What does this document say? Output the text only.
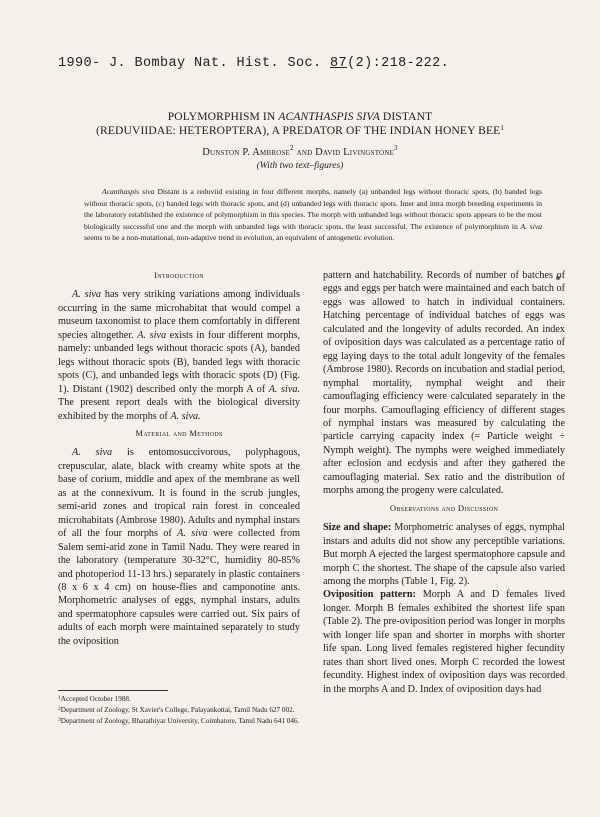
1990- J. Bombay Nat. Hist. Soc. 87(2):218-222.
POLYMORPHISM IN ACANTHASPIS SIVA DISTANT
(REDUVIIDAE: HETEROPTERA), A PREDATOR OF THE INDIAN HONEY BEE$^1$
Dunston P. Ambrose$^2$ and David Livingstone$^3$
(With two text–figures)

Acanthaspis siva Distant is a reduviid existing in four different morphs, namely (a) unbanded legs without thoracic spots, (b) banded legs without thoracic spots, (c) banded legs with thoracic spots, and (d) unbanded legs with thoracic spots. Inter and intra morph breeding experiments in the laboratory established the existence of polymorphism in this species. The morph with unbanded legs without thoracic spots appears to be the most biologically successful one and the morph with unbanded legs with thoracic spots, the least successful. The existence of polymorphism in A. siva seems to be a non-mutational, non-adaptive trend in evolution, an equivalent of antogenetic evolution.

Introduction

A. siva has very striking variations among individuals occurring in the same microhabitat that would compel a museum taxonomist to place them comfortably in different species altogether. A. siva exists in four different morphs, namely: unbanded legs without thoracic spots (A), banded legs without thoracic spots (B), banded legs with thoracic spots (C), and unbanded legs with thoracic spots (D) (Fig. 1). Distant (1902) described only the morph A of A. siva. The present report deals with the biological diversity exhibited by the morphs of A. siva.

Material and Methods

A. siva is entomosuccivorous, polyphagous, crepuscular, alate, black with creamy white spots at the base of corium, middle and apex of the membrane as well as at the connexivum. It is found in the scrub jungles, semi-arid zones and tropical rain forest in concealed microhabitats (Ambrose 1980). Adults and nymphal instars of all the four morphs of A. siva were collected from Salem semi-arid zone in Tamil Nadu. They were reared in the laboratory (temperature 30-32°C, humidity 80-85% and photoperiod 11-13 hrs.) separately in plastic containers (8 x 6 x 4 cm) on house-flies and camponotine ants. Morphometric analyses of eggs, nymphal instars, adults and spermatophore capsules were carried out. Six pairs of adults of each morph were maintained separately to study the oviposition

pattern and hatchability. Records of number of batches of eggs and eggs per batch were maintained and each batch of eggs was allowed to hatch in individual containers. Hatching percentage of individual batches of eggs was calculated and the longevity of adults recorded. An index of oviposition days was calculated as a percentage ratio of egg laying days to the total adult longevity of the females (Ambrose 1980). Records on incubation and stadial period, nymphal mortality, nymphal weight and their camouflaging efficiency were calculated separately in the four morphs. Camouflaging efficiency of different stages of nymphal instars was measured by calculating the particle carrying capacity index (= Particle weight ÷ Nymph weight). The nymphs were weighed immediately after eclosion and ecdysis and after they gathered the camouflaging material. Sex ratio and the distribution of morphs among the progeny were calculated.

Observations and Discussion

Size and shape: Morphometric analyses of eggs, nymphal instars and adults did not show any perceptible variations. But morph A ejected the largest spermatophore capsule and morph C the shortest. The shape of the capsule also varied among the morphs (Table 1, Fig. 2).

Oviposition pattern: Morph A and D females lived longer. Morph B females exhibited the shortest life span (Table 2). The pre-oviposition period was longer in morphs with longer life span and shorter in morphs with shorter life span. Long lived females registered higher fecundity rates than short lived ones. Morph C recorded the lowest fecundity. Highest index of oviposition days was recorded in the morphs A and D. Index of oviposition days had

$^1$Accepted October 1988.

$^2$Department of Zoology, St Xavier's College, Palayankottai, Tamil Nadu 627 002.

$^3$Department of Zoology, Bharathiyar University, Coimbatore, Tamil Nadu 641 046.
